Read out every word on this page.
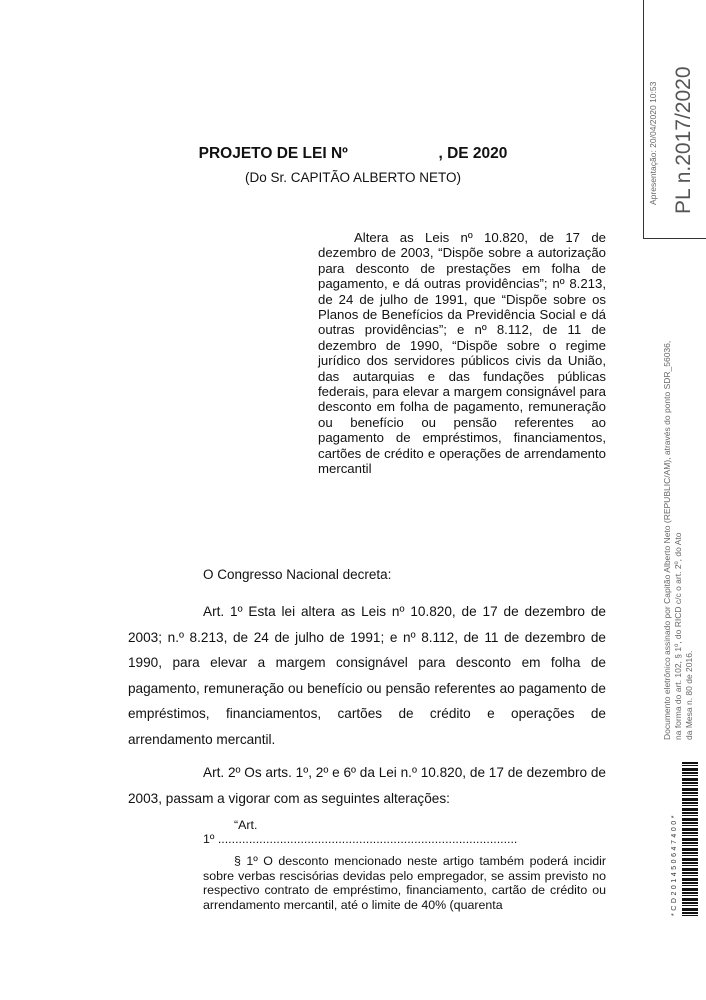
PROJETO DE LEI Nº	, DE 2020
(Do Sr. CAPITÃO ALBERTO NETO)
Altera as Leis nº 10.820, de 17 de dezembro de 2003, “Dispõe sobre a autorização para desconto de prestações em folha de pagamento, e dá outras providências”; nº 8.213, de 24 de julho de 1991, que “Dispõe sobre os Planos de Benefícios da Previdência Social e dá outras providências”; e nº 8.112, de 11 de dezembro de 1990, “Dispõe sobre o regime jurídico dos servidores públicos civis da União, das autarquias e das fundações públicas federais, para elevar a margem consignável para desconto em folha de pagamento, remuneração ou benefício ou pensão referentes ao pagamento de empréstimos, financiamentos, cartões de crédito e operações de arrendamento mercantil
O Congresso Nacional decreta:

Art. 1º Esta lei altera as Leis nº 10.820, de 17 de dezembro de 2003; n.º 8.213, de 24 de julho de 1991; e nº 8.112, de 11 de dezembro de 1990, para elevar a margem consignável para desconto em folha de pagamento, remuneração ou benefício ou pensão referentes ao pagamento de empréstimos, financiamentos, cartões de crédito e operações de arrendamento mercantil.

Art. 2º Os arts. 1º, 2º e 6º da Lei n.º 10.820, de 17 de dezembro de 2003, passam a vigorar com as seguintes alterações:

“Art.
1º .......................................................................................
§ 1º O desconto mencionado neste artigo também poderá incidir sobre verbas rescisórias devidas pelo empregador, se assim previsto no respectivo contrato de empréstimo, financiamento, cartão de crédito ou arrendamento mercantil, até o limite de 40% (quarenta
Apresentação: 20/04/2020 10:53 PL n.2017/2020
Documento eletrônico assinado por Capitão Alberto Neto (REPUBLIC/AM), através do ponto SDR_56036, na forma do art. 102, § 1º, do RICD c/c o art. 2º, do Ato da Mesa n. 80 de 2016.
* C D 2 0 1 4 5 0 6 4 7 4 0 0 *
